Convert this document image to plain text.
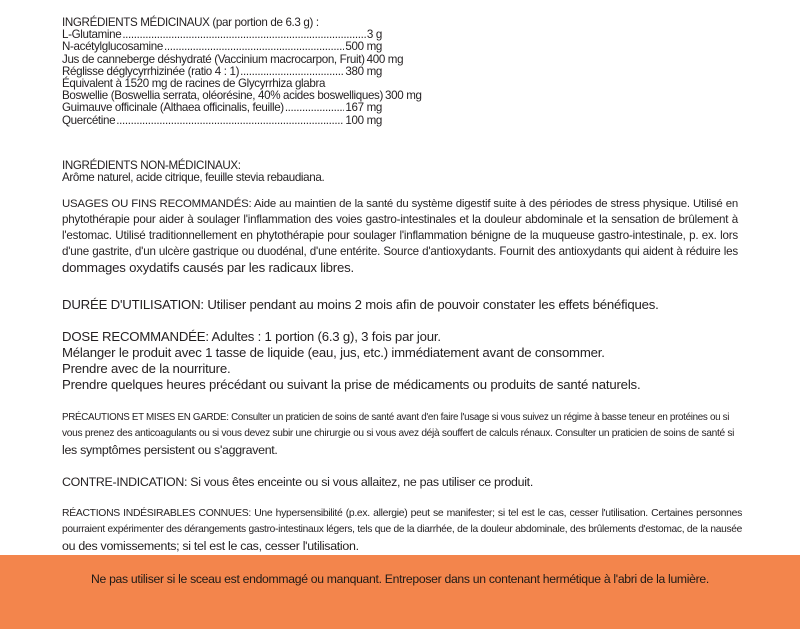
INGRÉDIENTS MÉDICINAUX (par portion de 6.3 g) :
L-Glutamine .....	3 g
N-acétylglucosamine .....	500 mg
Jus de canneberge déshydraté (Vaccinium macrocarpon, Fruit) 400 mg
Réglisse déglycyrrhizinée (ratio 4 : 1) .....	380 mg
Équivalent à 1520 mg de racines de Glycyrrhiza glabra
Boswellie (Boswellia serrata, oléorésine, 40% acides boswelliques) 300 mg
Guimauve officinale (Althaea officinalis, feuille) .....	167 mg
Quercétine .....	100 mg
INGRÉDIENTS NON-MÉDICINAUX:
Arôme naturel, acide citrique, feuille stevia rebaudiana.
USAGES OU FINS RECOMMANDÉS: Aide au maintien de la santé du système digestif suite à des périodes de stress physique. Utilisé en
phytothérapie pour aider à soulager l'inflammation des voies gastro-intestinales et la douleur abdominale et la sensation de brûlement à
l'estomac. Utilisé traditionnellement en phytothérapie pour soulager l'inflammation bénigne de la muqueuse gastro-intestinale, p. ex. lors
d'une gastrite, d'un ulcère gastrique ou duodénal, d'une entérite. Source d'antioxydants. Fournit des antioxydants qui aident à réduire les
dommages oxydatifs causés par les radicaux libres.
DURÉE D'UTILISATION: Utiliser pendant au moins 2 mois afin de pouvoir constater les effets bénéfiques.
DOSE RECOMMANDÉE: Adultes : 1 portion (6.3 g), 3 fois par jour.
Mélanger le produit avec 1 tasse de liquide (eau, jus, etc.) immédiatement avant de consommer.
Prendre avec de la nourriture.
Prendre quelques heures précédant ou suivant la prise de médicaments ou produits de santé naturels.
PRÉCAUTIONS ET MISES EN GARDE: Consulter un praticien de soins de santé avant d'en faire l'usage si vous suivez un régime à basse teneur en protéines ou si
vous prenez des anticoagulants ou si vous devez subir une chirurgie ou si vous avez déjà souffert de calculs rénaux. Consulter un praticien de soins de santé si
les symptômes persistent ou s'aggravent.
CONTRE-INDICATION: Si vous êtes enceinte ou si vous allaitez, ne pas utiliser ce produit.
RÉACTIONS INDÉSIRABLES CONNUES: Une hypersensibilité (p.ex. allergie) peut se manifester; si tel est le cas, cesser l'utilisation. Certaines personnes
pourraient expérimenter des dérangements gastro-intestinaux légers, tels que de la diarrhée, de la douleur abdominale, des brûlements d'estomac, de la nausée
ou des vomissements; si tel est le cas, cesser l'utilisation.
Ne pas utiliser si le sceau est endommagé ou manquant. Entreposer dans un contenant hermétique à l'abri de la lumière.
